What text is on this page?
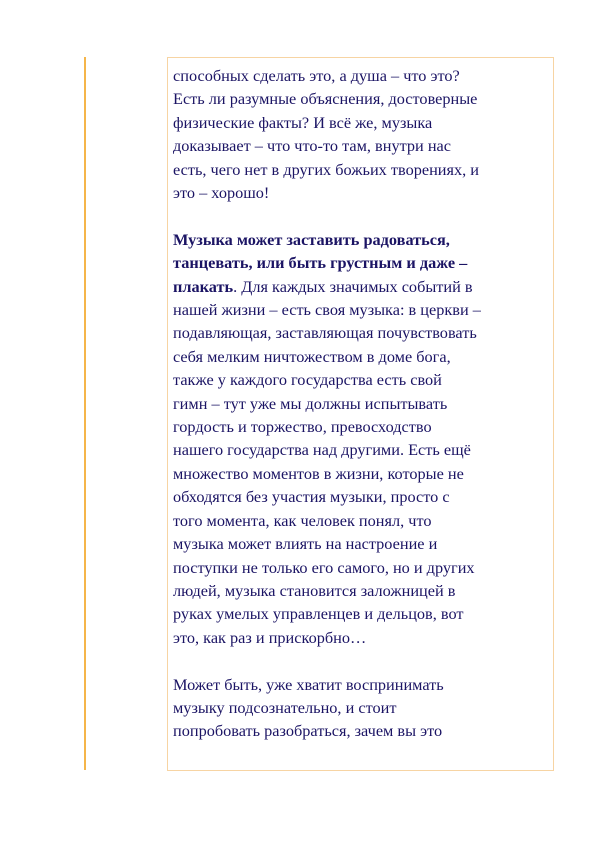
способных сделать это, а душа – что это?
Есть ли разумные объяснения, достоверные
физические факты? И всё же, музыка
доказывает – что что-то там, внутри нас
есть, чего нет в других божьих творениях, и
это – хорошо!

Музыка может заставить радоваться,
танцевать, или быть грустным и даже –
плакать. Для каждых значимых событий в
нашей жизни – есть своя музыка: в церкви –
подавляющая, заставляющая почувствовать
себя мелким ничтожеством в доме бога,
также у каждого государства есть свой
гимн – тут уже мы должны испытывать
гордость и торжество, превосходство
нашего государства над другими. Есть ещё
множество моментов в жизни, которые не
обходятся без участия музыки, просто с
того момента, как человек понял, что
музыка может влиять на настроение и
поступки не только его самого, но и других
людей, музыка становится заложницей в
руках умелых управленцев и дельцов, вот
это, как раз и прискорбно…

Может быть, уже хватит воспринимать
музыку подсознательно, и стоит
попробовать разобраться, зачем вы это
